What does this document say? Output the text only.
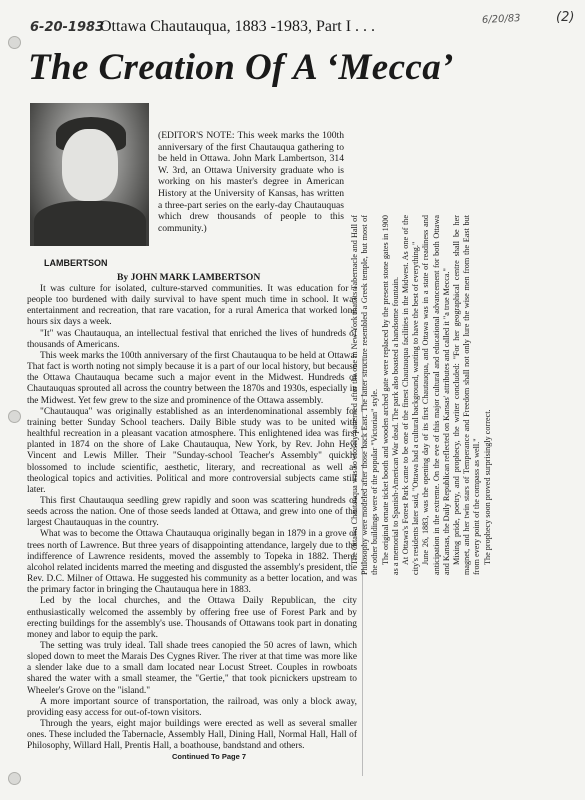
6-20-1983
6/20/83	(2)
Ottawa Chautauqua, 1883 -1983, Part I . . .
The Creation Of A ‘Mecca’
LAMBERTSON
(EDITOR'S NOTE: This week marks the 100th anniversary of the first Chautauqua gathering to be held in Ottawa. John Mark Lambertson, 314 W. 3rd, an Ottawa University graduate who is working on his master's degree in American History at the University of Kansas, has written a three-part series on the early-day Chautauquas which drew thousands of people to this community.)
By JOHN MARK LAMBERTSON

It was culture for isolated, culture-starved communities. It was education for a people too burdened with daily survival to have spent much time in school. It was entertainment and recreation, that rare vacation, for a rural America that worked long hours six days a week.

"It" was Chautauqua, an intellectual festival that enriched the lives of hundreds of thousands of Americans.

This week marks the 100th anniversary of the first Chautauqua to be held at Ottawa. That fact is worth noting not simply because it is a part of our local history, but because the Ottawa Chautauqua became such a major event in the Midwest. Hundreds of Chautauquas sprouted all across the country between the 1870s and 1930s, especially in the Midwest. Yet few grew to the size and prominence of the Ottawa assembly.

"Chautauqua" was originally established as an interdenominational assembly for training better Sunday School teachers. Daily Bible study was to be united with healthful recreation in a pleasant vacation atmosphere. This enlightened idea was first planted in 1874 on the shore of Lake Chautauqua, New York, by Rev. John Heyl Vincent and Lewis Miller. Their "Sunday-school Teacher's Assembly" quickly blossomed to include scientific, aesthetic, literary, and recreational as well as theological topics and activities. Political and more controversial subjects came still later.

This first Chautauqua seedling grew rapidly and soon was scattering hundreds of seeds across the nation. One of those seeds landed at Ottawa, and grew into one of the largest Chautauquas in the country.

What was to become the Ottawa Chautauqua originally began in 1879 in a grove of trees north of Lawrence. But three years of disappointing attendance, largely due to the indifference of Lawrence residents, moved the assembly to Topeka in 1882. There, alcohol related incidents marred the meeting and disgusted the assembly's president, the Rev. D.C. Milner of Ottawa. He suggested his community as a better location, and was the primary factor in bringing the Chautauqua here in 1883.

Led by the local churches, and the Ottawa Daily Republican, the city enthusiastically welcomed the assembly by offering free use of Forest Park and by erecting buildings for the assembly's use. Thousands of Ottawans took part in donating money and labor to equip the park.

The setting was truly ideal. Tall shade trees canopied the 50 acres of lawn, which sloped down to meet the Marais Des Cygnes River. The river at that time was more like a slender lake due to a small dam located near Locust Street. Couples in rowboats shared the water with a small steamer, the "Gertie," that took picnickers upstream to Wheeler's Grove on the "island."

A more important source of transportation, the railroad, was only a block away, providing easy access for out-of-town visitors.

Through the years, eight major buildings were erected as well as several smaller ones. These included the Tabernacle, Assembly Hall, Dining Hall, Normal Hall, Hall of Philosophy, Willard Hall, Prentis Hall, a boathouse, bandstand and others.

Continued To Page 7

The Ottawa Chautauqua was so closely patterned after the one in New York that its Tabernacle and Hall of Philosophy were modeled after those back East. The latter structure resembled a Greek temple, but most of the other buildings were of the popular "Victorian" style. The original ornate ticket booth and wooden arched gate were replaced by the present stone gates in 1900 as a memorial to Spanish-American War dead. The park also boasted a handsome fountain. At Ottawa's Forest Park came to be one of the finest Chautauqua facilities in the Midwest. As one of the city's residents later said, "Ottawa had a cultural background, wanting to have the best of everything." June 26, 1883, was the opening day of its first Chautauqua, and Ottawa was in a state of readiness and anticipation in the extreme. On the eve of this major cultural and educational advancement for both Ottawa and Kansas, the Daily Republican reflected on Kansas' attributes and called it "a true Mecca." Mixing pride, poetry, and prophecy, the writer concluded: "For her geographical centre shall be her magnet, and her twin stars of Temperance and Freedom shall not only lure the wise men from the East but from every point of the compass as well." The prophecy soon proved surprisingly correct.
